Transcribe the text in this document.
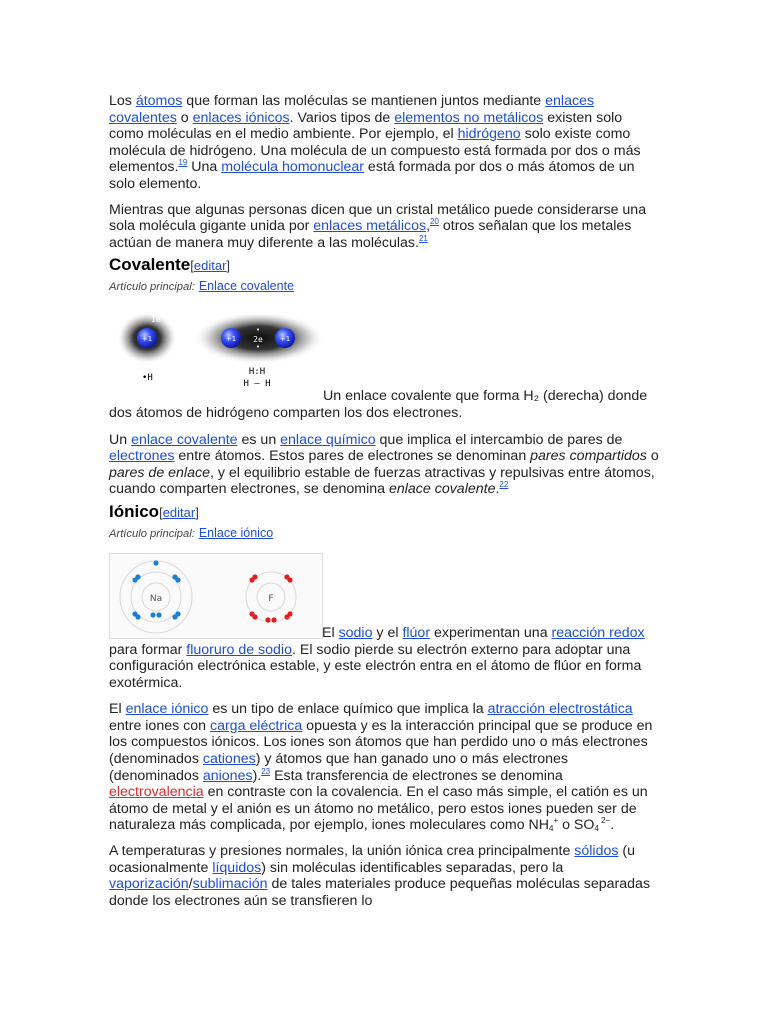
Los átomos que forman las moléculas se mantienen juntos mediante enlaces covalentes o enlaces iónicos. Varios tipos de elementos no metálicos existen solo como moléculas en el medio ambiente. Por ejemplo, el hidrógeno solo existe como molécula de hidrógeno. Una molécula de un compuesto está formada por dos o más elementos.$^{19}$ Una molécula homonuclear está formada por dos o más átomos de un solo elemento.

Mientras que algunas personas dicen que un cristal metálico puede considerarse una sola molécula gigante unida por enlaces metálicos,$^{20}$ otros señalan que los metales actúan de manera muy diferente a las moléculas.$^{21}$

Covalente[editar]
Artículo principal: Enlace covalente
+1	+1	+1
1e
2e
•
•
•H
H:H
H – H

Un enlace covalente que forma H₂ (derecha) donde dos átomos de hidrógeno comparten los dos electrones.

Un enlace covalente es un enlace químico que implica el intercambio de pares de electrones entre átomos. Estos pares de electrones se denominan pares compartidos o pares de enlace, y el equilibrio estable de fuerzas atractivas y repulsivas entre átomos, cuando comparten electrones, se denomina enlace covalente.$^{22}$

Iónico[editar]
Artículo principal: Enlace iónico
Na	F

El sodio y el flúor experimentan una reacción redox para formar fluoruro de sodio. El sodio pierde su electrón externo para adoptar una configuración electrónica estable, y este electrón entra en el átomo de flúor en forma exotérmica.

El enlace iónico es un tipo de enlace químico que implica la atracción electrostática entre iones con carga eléctrica opuesta y es la interacción principal que se produce en los compuestos iónicos. Los iones son átomos que han perdido uno o más electrones (denominados cationes) y átomos que han ganado uno o más electrones (denominados aniones).$^{23}$ Esta transferencia de electrones se denomina electrovalencia en contraste con la covalencia. En el caso más simple, el catión es un átomo de metal y el anión es un átomo no metálico, pero estos iones pueden ser de naturaleza más complicada, por ejemplo, iones moleculares como $NH_4^+$ o $SO_4$ $^{2-}$.

A temperaturas y presiones normales, la unión iónica crea principalmente sólidos (u ocasionalmente líquidos) sin moléculas identificables separadas, pero la vaporización/sublimación de tales materiales produce pequeñas moléculas separadas donde los electrones aún se transfieren lo
